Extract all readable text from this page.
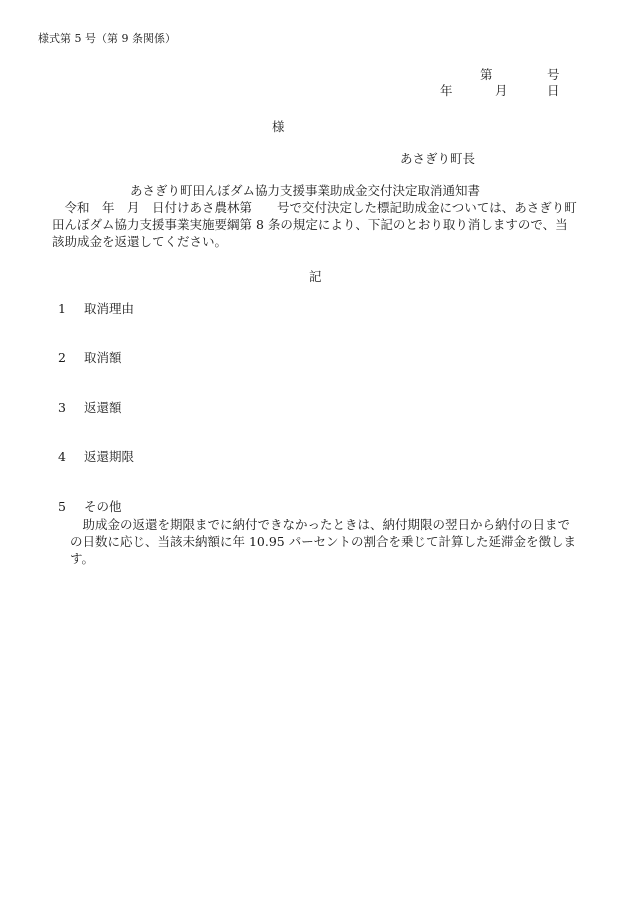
様式第 5 号（第 9 条関係）
第	号
年	月	日
様
あさぎり町長
あさぎり町田んぼダム協力支援事業助成金交付決定取消通知書
令和　年　月　日付けあさ農林第　　号で交付決定した標記助成金については、あさぎり町田んぼダム協力支援事業実施要綱第 8 条の規定により、下記のとおり取り消しますので、当該助成金を返還してください。
記
1 取消理由
2 取消額
3 返還額
4 返還期限
5 その他
助成金の返還を期限までに納付できなかったときは、納付期限の翌日から納付の日までの日数に応じ、当該未納額に年 10.95 パーセントの割合を乗じて計算した延滞金を徴します。
